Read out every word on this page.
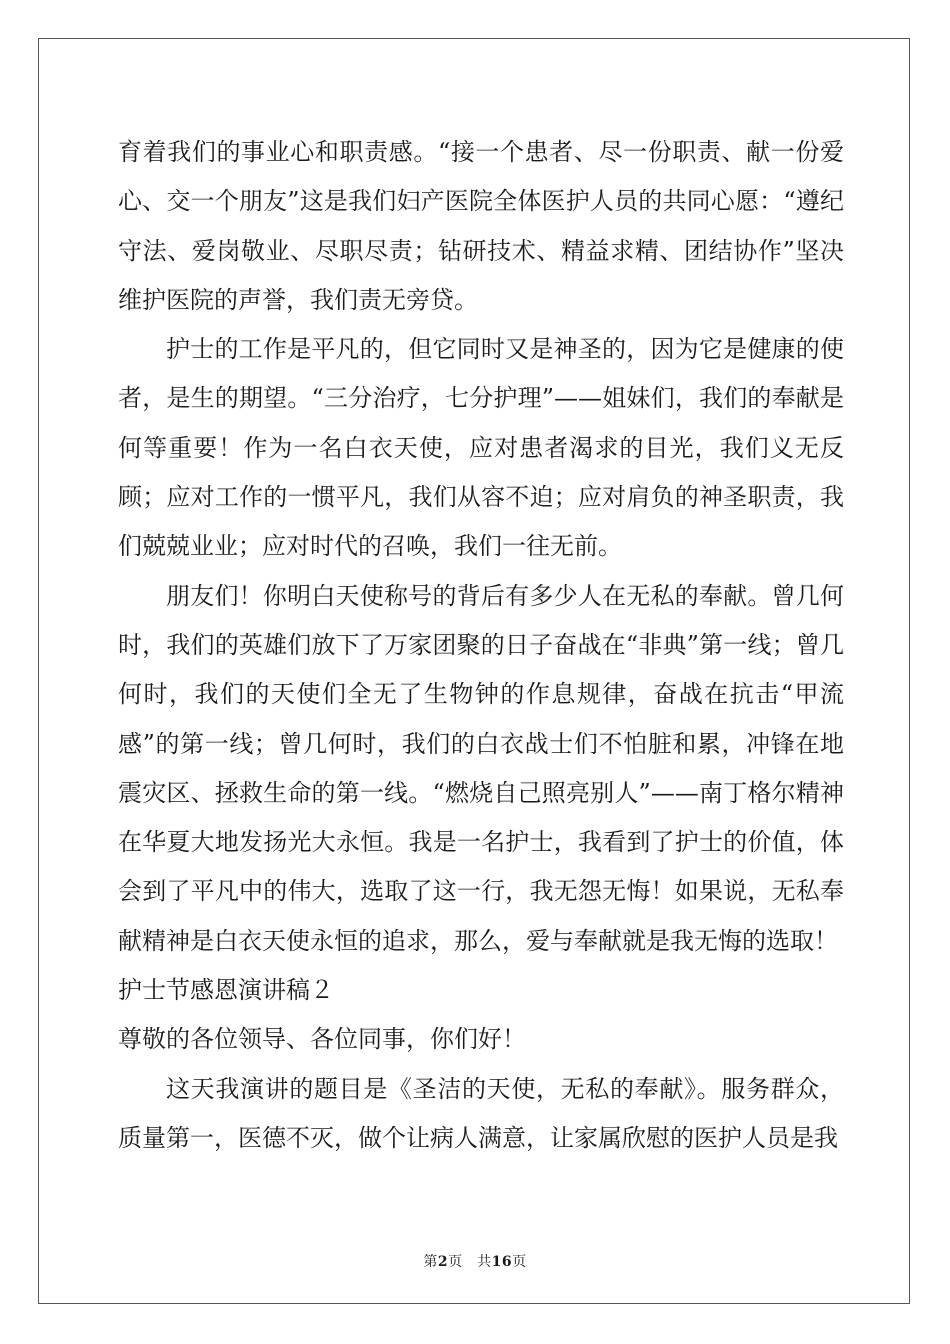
育着我们的事业心和职责感。“接一个患者、尽一份职责、献一份爱心、交一个朋友”这是我们妇产医院全体医护人员的共同心愿：“遵纪守法、爱岗敬业、尽职尽责；钻研技术、精益求精、团结协作”坚决维护医院的声誉，我们责无旁贷。

护士的工作是平凡的，但它同时又是神圣的，因为它是健康的使者，是生的期望。“三分治疗，七分护理”——姐妹们，我们的奉献是何等重要！作为一名白衣天使，应对患者渴求的目光，我们义无反顾；应对工作的一惯平凡，我们从容不迫；应对肩负的神圣职责，我们兢兢业业；应对时代的召唤，我们一往无前。

朋友们！你明白天使称号的背后有多少人在无私的奉献。曾几何时，我们的英雄们放下了万家团聚的日子奋战在“非典”第一线；曾几何时，我们的天使们全无了生物钟的作息规律，奋战在抗击“甲流感”的第一线；曾几何时，我们的白衣战士们不怕脏和累，冲锋在地震灾区、拯救生命的第一线。“燃烧自己照亮别人”——南丁格尔精神在华夏大地发扬光大永恒。我是一名护士，我看到了护士的价值，体会到了平凡中的伟大，选取了这一行，我无怨无悔！如果说，无私奉献精神是白衣天使永恒的追求，那么，爱与奉献就是我无悔的选取！

护士节感恩演讲稿２

尊敬的各位领导、各位同事，你们好！

这天我演讲的题目是《圣洁的天使，无私的奉献》。服务群众，质量第一，医德不灭，做个让病人满意，让家属欣慰的医护人员是我

第2页　共16页
